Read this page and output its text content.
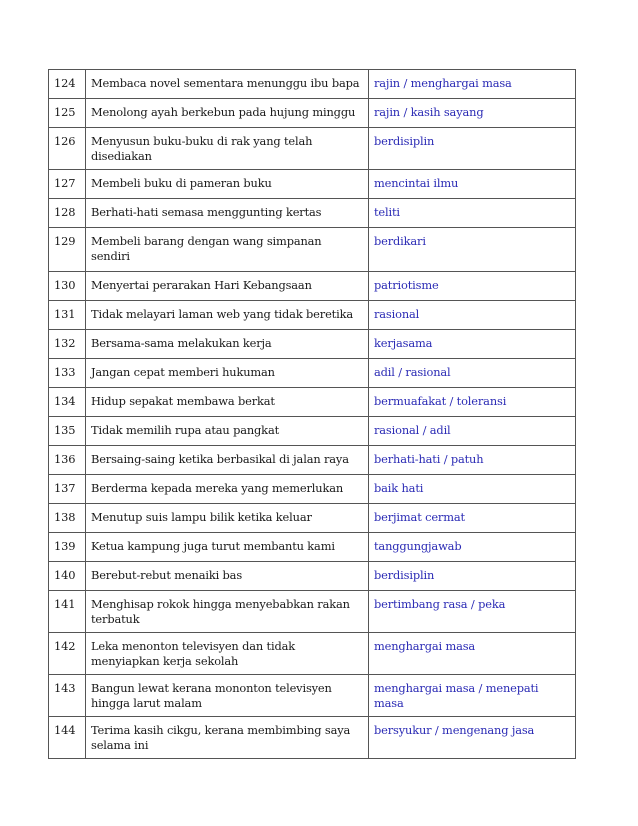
124	Membaca novel sementara menunggu ibu bapa	rajin / menghargai masa
125	Menolong ayah berkebun pada hujung minggu	rajin / kasih sayang
126	Menyusun buku-buku di rak yang telah disediakan	berdisiplin
127	Membeli buku di pameran buku	mencintai ilmu
128	Berhati-hati semasa menggunting kertas	teliti
129	Membeli barang dengan wang simpanan sendiri	berdikari
130	Menyertai perarakan Hari Kebangsaan	patriotisme
131	Tidak melayari laman web yang tidak beretika	rasional
132	Bersama-sama melakukan kerja	kerjasama
133	Jangan cepat memberi hukuman	adil / rasional
134	Hidup sepakat membawa berkat	bermuafakat / toleransi
135	Tidak memilih rupa atau pangkat	rasional / adil
136	Bersaing-saing ketika berbasikal di jalan raya	berhati-hati / patuh
137	Berderma kepada mereka yang memerlukan	baik hati
138	Menutup suis lampu bilik ketika keluar	berjimat cermat
139	Ketua kampung juga turut membantu kami	tanggungjawab
140	Berebut-rebut menaiki bas	berdisiplin
141	Menghisap rokok hingga menyebabkan rakan terbatuk	bertimbang rasa / peka
142	Leka menonton televisyen dan tidak menyiapkan kerja sekolah	menghargai masa
143	Bangun lewat kerana mononton televisyen hingga larut malam	menghargai masa / menepati masa
144	Terima kasih cikgu, kerana membimbing saya selama ini	bersyukur / mengenang jasa
